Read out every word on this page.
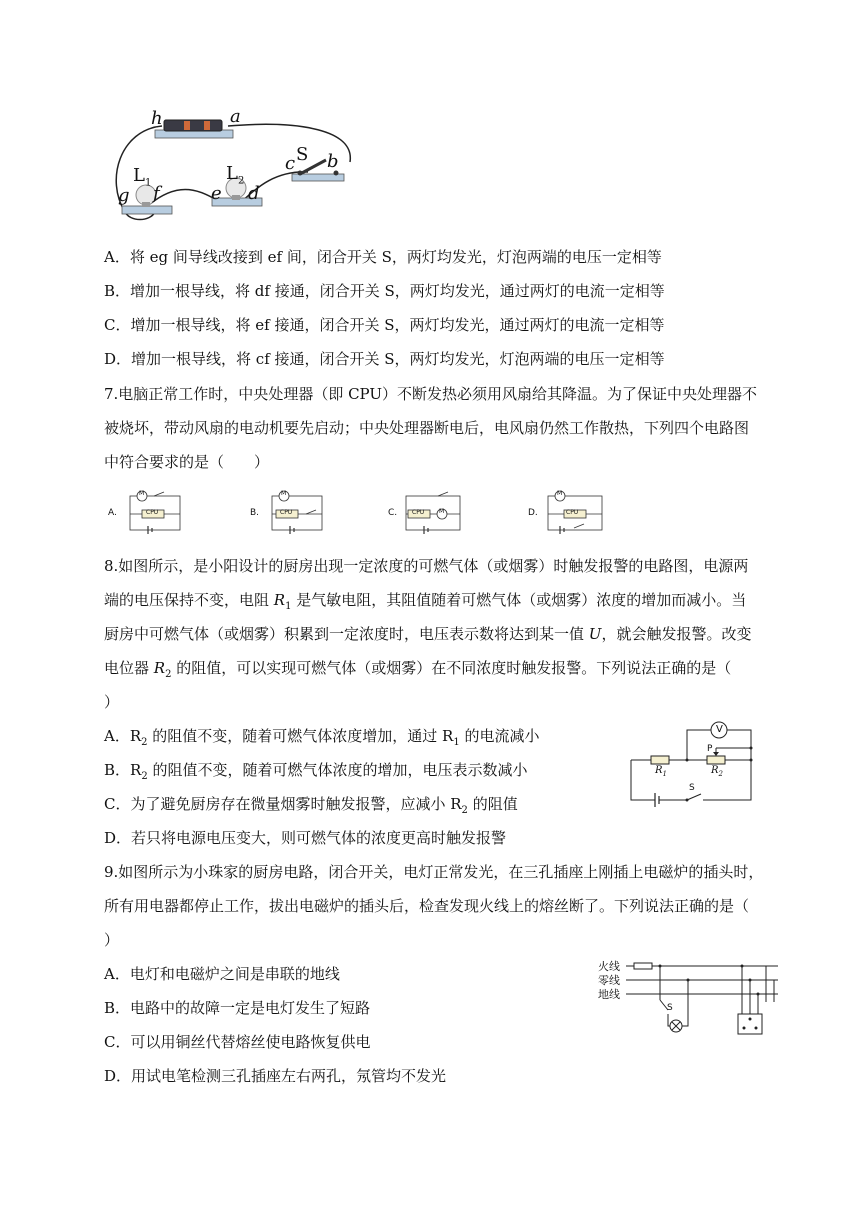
h	a
c S b
$L_1$	$L_2$
g f	e d
A．将 eg 间导线改接到 ef 间，闭合开关 S，两灯均发光，灯泡两端的电压一定相等
B．增加一根导线，将 df 接通，闭合开关 S，两灯均发光，通过两灯的电流一定相等
C．增加一根导线，将 ef 接通，闭合开关 S，两灯均发光，通过两灯的电流一定相等
D．增加一根导线，将 cf 接通，闭合开关 S，两灯均发光，灯泡两端的电压一定相等
7.电脑正常工作时，中央处理器（即 CPU）不断发热必须用风扇给其降温。为了保证中央处理器不
被烧坏，带动风扇的电动机要先启动；中央处理器断电后，电风扇仍然工作散热，下列四个电路图
中符合要求的是（　　）
A.
M
CPU	B.
M
CPU	C.	M
CPU	D.
M
CPU
8.如图所示，是小阳设计的厨房出现一定浓度的可燃气体（或烟雾）时触发报警的电路图，电源两
端的电压保持不变，电阻 $R_1$ 是气敏电阻，其阻值随着可燃气体（或烟雾）浓度的增加而减小。当
厨房中可燃气体（或烟雾）积累到一定浓度时，电压表示数将达到某一值 U，就会触发报警。改变
电位器 $R_2$ 的阻值，可以实现可燃气体（或烟雾）在不同浓度时触发报警。下列说法正确的是（
）
A．$R_2$ 的阻值不变，随着可燃气体浓度增加，通过 $R_1$ 的电流减小
B．$R_2$ 的阻值不变，随着可燃气体浓度的增加，电压表示数减小
C．为了避免厨房存在微量烟雾时触发报警，应减小 $R_2$ 的阻值
D．若只将电源电压变大，则可燃气体的浓度更高时触发报警
V
P
$R_1$	$R_2$
S
9.如图所示为小珠家的厨房电路，闭合开关，电灯正常发光，在三孔插座上刚插上电磁炉的插头时，
所有用电器都停止工作，拔出电磁炉的插头后，检查发现火线上的熔丝断了。下列说法正确的是（
）
A．电灯和电磁炉之间是串联的地线
B．电路中的故障一定是电灯发生了短路
C．可以用铜丝代替熔丝使电路恢复供电
D．用试电笔检测三孔插座左右两孔，氖管均不发光
火线
零线
地线
S
